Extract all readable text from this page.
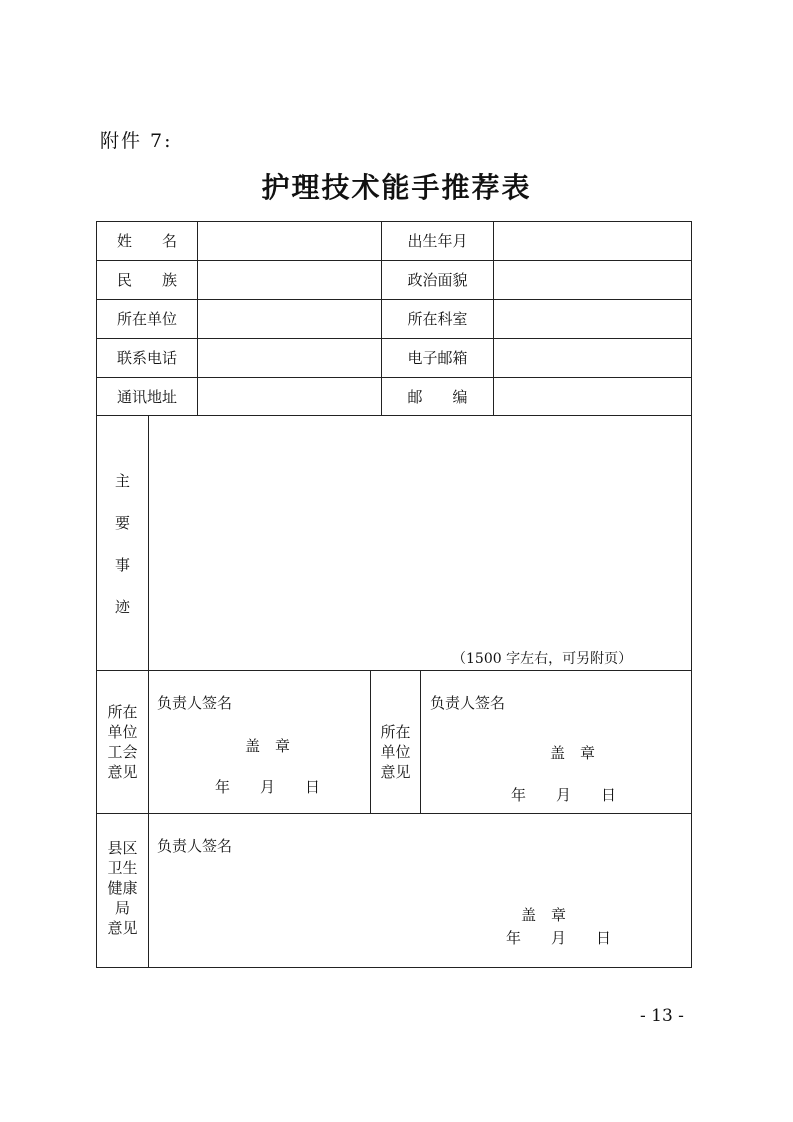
附件 7:
护理技术能手推荐表
姓　　名	出生年月
民　　族	政治面貌
所在单位	所在科室
联系电话	电子邮箱
通讯地址	邮　　编
主
要
事
迹
（1500 字左右，可另附页）
所在
单位
工会
意见
负责人签名
盖　章
年　　月　　日
所在
单位
意见
负责人签名
盖　章
年　　月　　日
县区
卫生
健康
局
意见
负责人签名
盖　章
年　　月　　日
- 13 -
